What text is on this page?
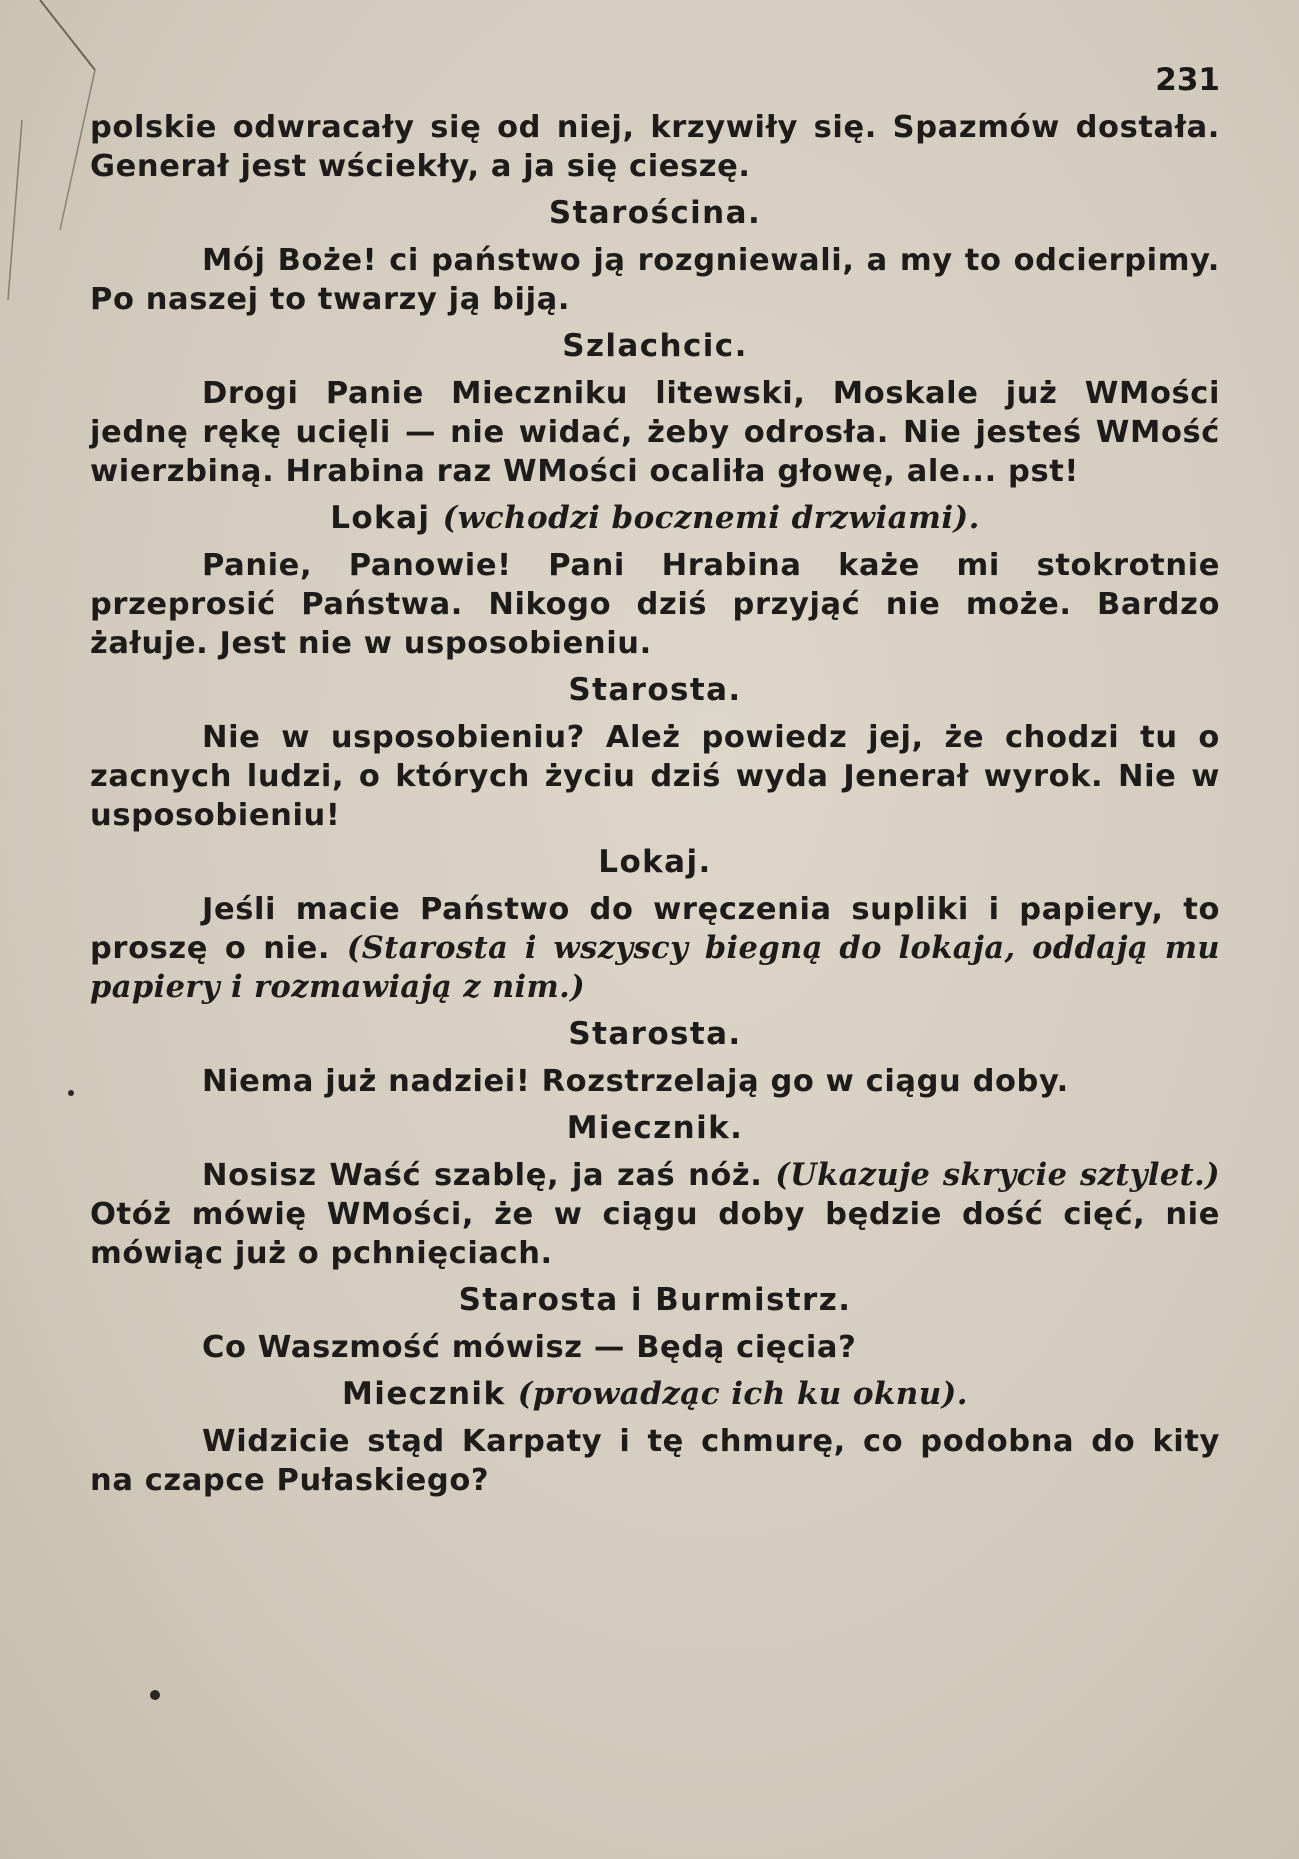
231

polskie odwracały się od niej, krzywiły się. Spazmów dostała. Generał jest wściekły, a ja się cieszę.

Starościna.

Mój Boże! ci państwo ją rozgniewali, a my to odcierpimy. Po naszej to twarzy ją biją.

Szlachcic.

Drogi Panie Mieczniku litewski, Moskale już WMości jednę rękę ucięli — nie widać, żeby odrosła. Nie jesteś WMość wierzbiną. Hrabina raz WMości ocaliła głowę, ale... pst!

Lokaj (wchodzi bocznemi drzwiami).

Panie, Panowie! Pani Hrabina każe mi stokrotnie przeprosić Państwa. Nikogo dziś przyjąć nie może. Bardzo żałuje. Jest nie w usposobieniu.

Starosta.

Nie w usposobieniu? Ależ powiedz jej, że chodzi tu o zacnych ludzi, o których życiu dziś wyda Jenerał wyrok. Nie w usposobieniu!

Lokaj.

Jeśli macie Państwo do wręczenia supliki i papiery, to proszę o nie. (Starosta i wszyscy biegną do lokaja, oddają mu papiery i rozmawiają z nim.)

Starosta.

Niema już nadziei! Rozstrzelają go w ciągu doby.

Miecznik.

Nosisz Waść szablę, ja zaś nóż. (Ukazuje skrycie sztylet.) Otóż mówię WMości, że w ciągu doby będzie dość cięć, nie mówiąc już o pchnięciach.

Starosta i Burmistrz.

Co Waszmość mówisz — Będą cięcia?

Miecznik (prowadząc ich ku oknu).

Widzicie stąd Karpaty i tę chmurę, co podobna do kity na czapce Pułaskiego?
